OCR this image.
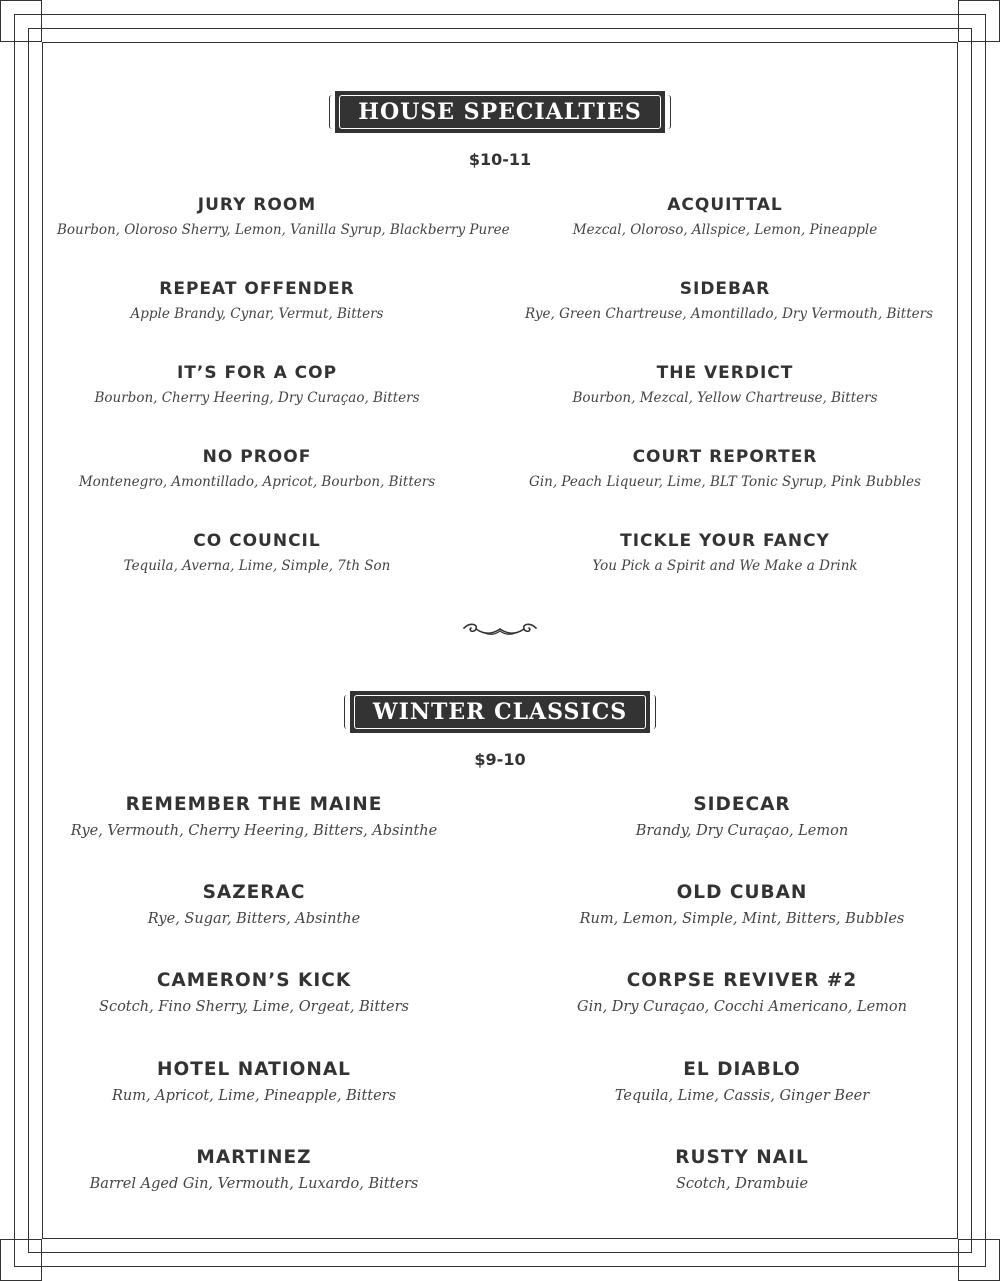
HOUSE SPECIALTIES
$10-11
JURY ROOM
Bourbon, Oloroso Sherry, Lemon, Vanilla Syrup, Blackberry Puree
REPEAT OFFENDER
Apple Brandy, Cynar, Vermut, Bitters
IT’S FOR A COP
Bourbon, Cherry Heering, Dry Curaçao, Bitters
NO PROOF
Montenegro, Amontillado, Apricot, Bourbon, Bitters
CO COUNCIL
Tequila, Averna, Lime, Simple, 7th Son
ACQUITTAL
Mezcal, Oloroso, Allspice, Lemon, Pineapple
SIDEBAR
Rye, Green Chartreuse, Amontillado, Dry Vermouth, Bitters
THE VERDICT
Bourbon, Mezcal, Yellow Chartreuse, Bitters
COURT REPORTER
Gin, Peach Liqueur, Lime, BLT Tonic Syrup, Pink Bubbles
TICKLE YOUR FANCY
You Pick a Spirit and We Make a Drink
WINTER CLASSICS
$9-10
REMEMBER THE MAINE
Rye, Vermouth, Cherry Heering, Bitters, Absinthe
SAZERAC
Rye, Sugar, Bitters, Absinthe
CAMERON’S KICK
Scotch, Fino Sherry, Lime, Orgeat, Bitters
HOTEL NATIONAL
Rum, Apricot, Lime, Pineapple, Bitters
MARTINEZ
Barrel Aged Gin, Vermouth, Luxardo, Bitters
SIDECAR
Brandy, Dry Curaçao, Lemon
OLD CUBAN
Rum, Lemon, Simple, Mint, Bitters, Bubbles
CORPSE REVIVER #2
Gin, Dry Curaçao, Cocchi Americano, Lemon
EL DIABLO
Tequila, Lime, Cassis, Ginger Beer
RUSTY NAIL
Scotch, Drambuie
